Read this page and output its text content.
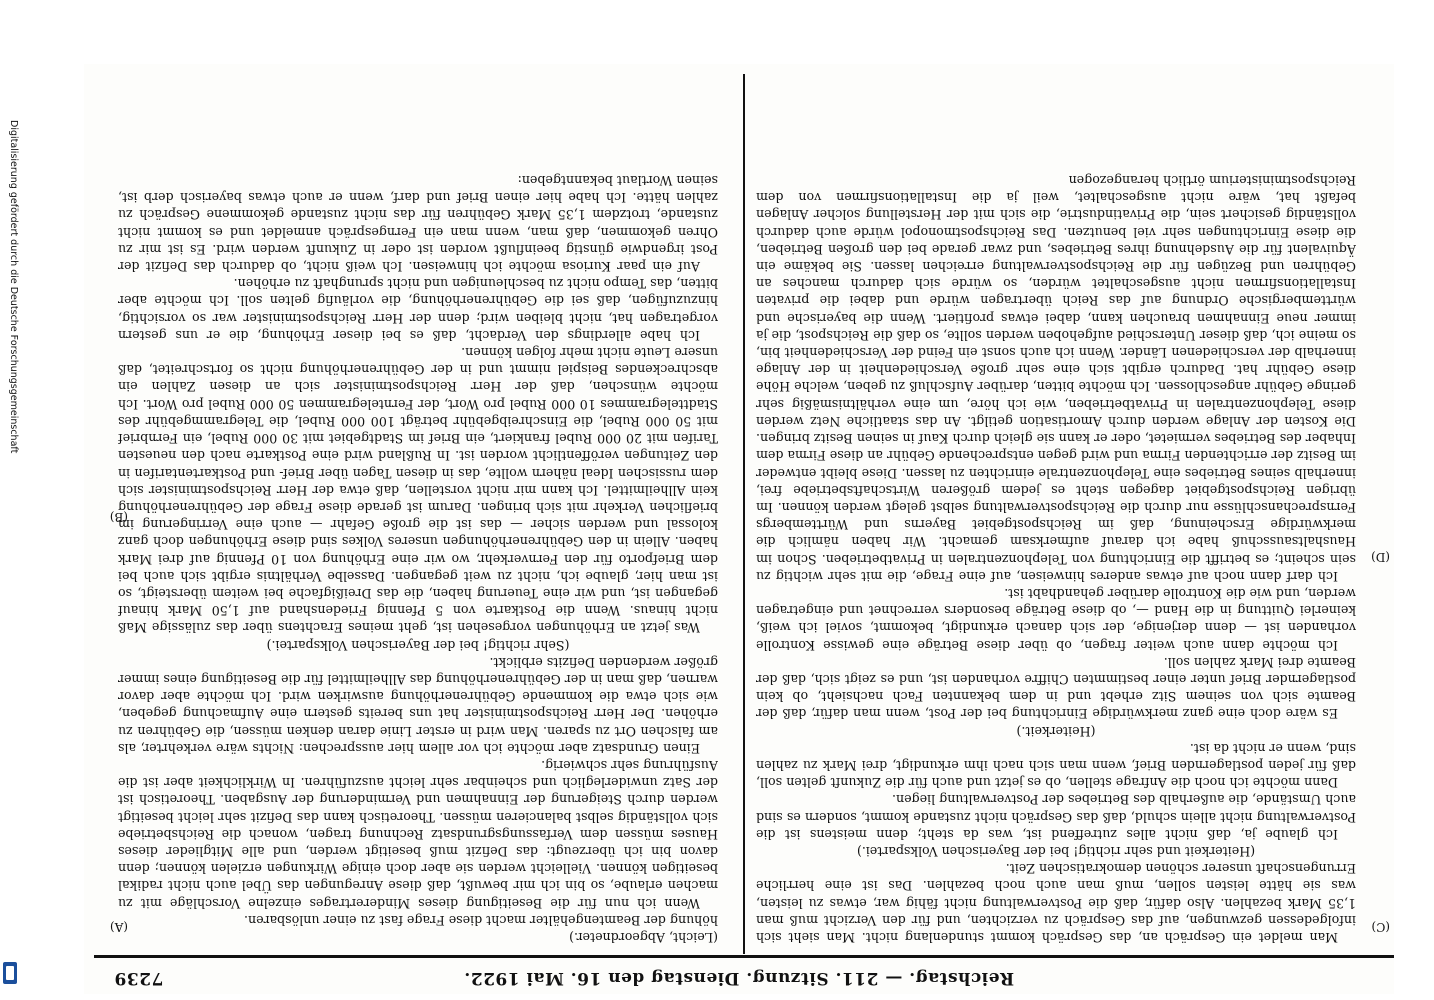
Reichstag. — 211. Sitzung. Dienstag den 16. Mai 1922.
7239
(C)
(D)
(A)
(B)

(Leicht, Abgeordneter.)

höhung der Beamtengehälter macht diese Frage fast zu einer unlösbaren.

Wenn ich nun für die Beseitigung dieses Minderertrages einzelne Vorschläge mit zu machen erlaube, so bin ich mir bewußt, daß diese Anregungen das Übel auch nicht radikal beseitigen können. Vielleicht werden sie aber doch einige Wirkungen erzielen können; denn davon bin ich überzeugt: das Defizit muß beseitigt werden, und alle Mitglieder dieses Hauses müssen dem Verfassungsgrundsatz Rechnung tragen, wonach die Reichsbetriebe sich vollständig selbst balancieren müssen. Theoretisch kann das Defizit sehr leicht beseitigt werden durch Steigerung der Einnahmen und Verminderung der Ausgaben. Theoretisch ist der Satz unwiderleglich und scheinbar sehr leicht auszuführen. In Wirklichkeit aber ist die Ausführung sehr schwierig.

Einen Grundsatz aber möchte ich vor allem hier aussprechen: Nichts wäre verkehrter, als am falschen Ort zu sparen. Man wird in erster Linie daran denken müssen, die Gebühren zu erhöhen. Der Herr Reichspostminister hat uns bereits gestern eine Aufmachung gegeben, wie sich etwa die kommende Gebührenerhöhung auswirken wird. Ich möchte aber davor warnen, daß man in der Gebührenerhöhung das Allheilmittel für die Beseitigung eines immer größer werdenden Defizits erblickt.

(Sehr richtig! bei der Bayerischen Volkspartei.)

Was jetzt an Erhöhungen vorgesehen ist, geht meines Erachtens über das zulässige Maß nicht hinaus. Wenn die Postkarte von 5 Pfennig Friedenshand auf 1,50 Mark hinauf gegangen ist, und wir eine Teuerung haben, die das Dreißigfache bei weitem übersteigt, so ist man hier, glaube ich, nicht zu weit gegangen. Dasselbe Verhältnis ergibt sich auch bei dem Briefporto für den Fernverkehr, wo wir eine Erhöhung von 10 Pfennig auf drei Mark haben. Allein in den Gebührenerhöhungen unseres Volkes sind diese Erhöhungen doch ganz kolossal und werden sicher — das ist die große Gefahr — auch eine Verringerung im brieflichen Verkehr mit sich bringen. Darum ist gerade diese Frage der Gebührenerhöhung kein Allheilmittel. Ich kann mir nicht vorstellen, daß etwa der Herr Reichspostminister sich dem russischen Ideal nähern wollte, das in diesen Tagen über Brief- und Postkartentarifen in den Zeitungen veröffentlicht worden ist. In Rußland wird eine Postkarte nach den neuesten Tarifen mit 20 000 Rubel frankiert, ein Brief im Stadtgebiet mit 30 000 Rubel, ein Fernbrief mit 50 000 Rubel, die Einschreibgebühr beträgt 100 000 Rubel, die Telegrammgebühr des Stadttelegrammes 10 000 Rubel pro Wort, der Ferntelegrammen 50 000 Rubel pro Wort. Ich möchte wünschen, daß der Herr Reichspostminister sich an diesen Zahlen ein abschreckendes Beispiel nimmt und in der Gebührenerhöhung nicht so fortschreitet, daß unsere Leute nicht mehr folgen können.

Ich habe allerdings den Verdacht, daß es bei dieser Erhöhung, die er uns gestern vorgetragen hat, nicht bleiben wird; denn der Herr Reichspostminister war so vorsichtig, hinzuzufügen, daß sei die Gebührenerhöhung, die vorläufig gelten soll. Ich möchte aber bitten, das Tempo nicht zu beschleunigen und nicht sprunghaft zu erhöhen.

Auf ein paar Kuriosa möchte ich hinweisen. Ich weiß nicht, ob dadurch das Defizit der Post irgendwie günstig beeinflußt worden ist oder in Zukunft werden wird. Es ist mir zu Ohren gekommen, daß man, wenn man ein Ferngespräch anmeldet und es kommt nicht zustande, trotzdem 1,35 Mark Gebühren für das nicht zustande gekommene Gespräch zu zahlen hätte. Ich habe hier einen Brief und darf, wenn er auch etwas bayerisch derb ist, seinen Wortlaut bekanntgeben:

Man meldet ein Gespräch an, das Gespräch kommt stundenlang nicht. Man sieht sich infolgedessen gezwungen, auf das Gespräch zu verzichten, und für den Verzicht muß man 1,35 Mark bezahlen. Also dafür, daß die Postverwaltung nicht fähig war, etwas zu leisten, was sie hätte leisten sollen, muß man auch noch bezahlen. Das ist eine herrliche Errungenschaft unserer schönen demokratischen Zeit.

(Heiterkeit und sehr richtig! bei der Bayerischen Volkspartei.)

Ich glaube ja, daß nicht alles zutreffend ist, was da steht; denn meistens ist die Postverwaltung nicht allein schuld, daß das Gespräch nicht zustande kommt, sondern es sind auch Umstände, die außerhalb des Betriebes der Postverwaltung liegen.

Dann möchte ich noch die Anfrage stellen, ob es jetzt und auch für die Zukunft gelten soll, daß für jeden postlagernden Brief, wenn man sich nach ihm erkundigt, drei Mark zu zahlen sind, wenn er nicht da ist.

(Heiterkeit.)

Es wäre doch eine ganz merkwürdige Einrichtung bei der Post, wenn man dafür, daß der Beamte sich von seinem Sitz erhebt und in dem bekannten Fach nachsieht, ob kein postlagernder Brief unter einer bestimmten Chiffre vorhanden ist, und es zeigt sich, daß der Beamte drei Mark zahlen soll.

Ich möchte dann auch weiter fragen, ob über diese Beträge eine gewisse Kontrolle vorhanden ist — denn derjenige, der sich danach erkundigt, bekommt, soviel ich weiß, keinerlei Quittung in die Hand —, ob diese Beträge besonders verrechnet und eingetragen werden, und wie die Kontrolle darüber gehandhabt ist.

Ich darf dann noch auf etwas anderes hinweisen, auf eine Frage, die mit sehr wichtig zu sein scheint; es betrifft die Einrichtung von Telephonzentralen in Privatbetrieben. Schon im Haushaltsausschuß habe ich darauf aufmerksam gemacht. Wir haben nämlich die merkwürdige Erscheinung, daß im Reichspostgebiet Bayerns und Württembergs Fernsprechanschlüsse nur durch die Reichspostverwaltung selbst gelegt werden können. Im übrigen Reichspostgebiet dagegen steht es jedem größeren Wirtschaftsbetriebe frei, innerhalb seines Betriebes eine Telephonzentrale einrichten zu lassen. Diese bleibt entweder im Besitz der errichtenden Firma und wird gegen entsprechende Gebühr an diese Firma dem Inhaber des Betriebes vermietet, oder er kann sie gleich durch Kauf in seinen Besitz bringen. Die Kosten der Anlage werden durch Amortisation getilgt. An das staatliche Netz werden diese Telephonzentralen in Privatbetrieben, wie ich höre, um eine verhältnismäßig sehr geringe Gebühr angeschlossen. Ich möchte bitten, darüber Aufschluß zu geben, welche Höhe diese Gebühr hat. Dadurch ergibt sich eine sehr große Verschiedenheit in der Anlage innerhalb der verschiedenen Länder. Wenn ich auch sonst ein Feind der Verschiedenheit bin, so meine ich, daß dieser Unterschied aufgehoben werden sollte, so daß die Reichspost, die ja immer neue Einnahmen brauchen kann, dabei etwas profitiert. Wenn die bayerische und württembergische Ordnung auf das Reich übertragen würde und dabei die privaten Installationsfirmen nicht ausgeschaltet würden, so würde sich dadurch manches an Gebühren und Bezügen für die Reichspostverwaltung erreichen lassen. Sie bekäme ein Äquivalent für die Ausdehnung ihres Betriebes, und zwar gerade bei den großen Betrieben, die diese Einrichtungen sehr viel benutzen. Das Reichspostmonopol würde auch dadurch vollständig gesichert sein, die Privatindustrie, die sich mit der Herstellung solcher Anlagen befaßt hat, wäre nicht ausgeschaltet, weil ja die Installationsfirmen von dem Reichspostministerium örtlich herangezogen

Digitalisierung gefördert durch die Deutsche Forschungsgemeinschaft
